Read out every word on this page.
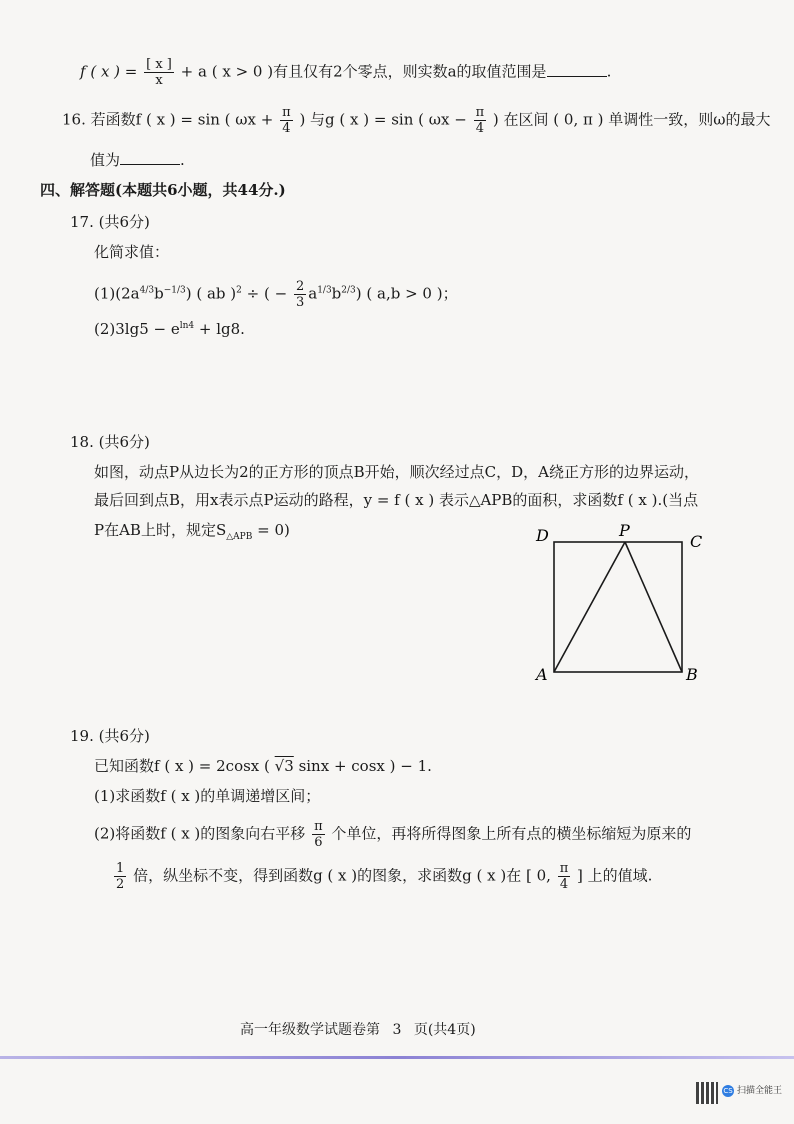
f ( x ) = $\frac{[ x ]}{x} + a$ ( x > 0 )有且仅有2个零点，则实数a的取值范围是	.
16. 若函数f ( x ) = sin ( $\omega x + \frac{\pi}{4}$ ) 与g ( x ) = sin ( $\omega x - \frac{\pi}{4}$ ) 在区间 ( 0, π ) 单调性一致，则ω的最大
值为	.
四、解答题(本题共6小题，共44分.)
17. (共6分)
化简求值：
$(1)(2a^{4/3}b^{-1/3})$ ( ab )$^2$ ÷ ( − $\frac{2}{3} a^{1/3}b^{2/3}$) ( a,b > 0 )；
$(2)3\lg 5 - e^{ln4} + \lg 8$.
18. (共6分)
如图，动点P从边长为2的正方形的顶点B开始，顺次经过点C，D，A绕正方形的边界运动，
最后回到点B，用x表示点P运动的路程，y = f ( x ) 表示△APB的面积，求函数f ( x ).(当点
P在AB上时，规定$S_{\triangle APB} = 0$)	D	P
C
A	B
19. (共6分)
已知函数f ( x ) = 2cosx ( √3 sinx + cosx ) − 1.
(1)求函数f ( x )的单调递增区间；
(2)将函数f ( x )的图象向右平移 $\frac{\pi}{6}$ 个单位，再将所得图象上所有点的横坐标缩短为原来的
$\frac{1}{2}$ 倍，纵坐标不变，得到函数g ( x )的图象，求函数g ( x )在 [ 0, $\frac{\pi}{4}$ ] 上的值域.
高一年级数学试题卷第 3 页(共4页)
CS 扫描全能王
